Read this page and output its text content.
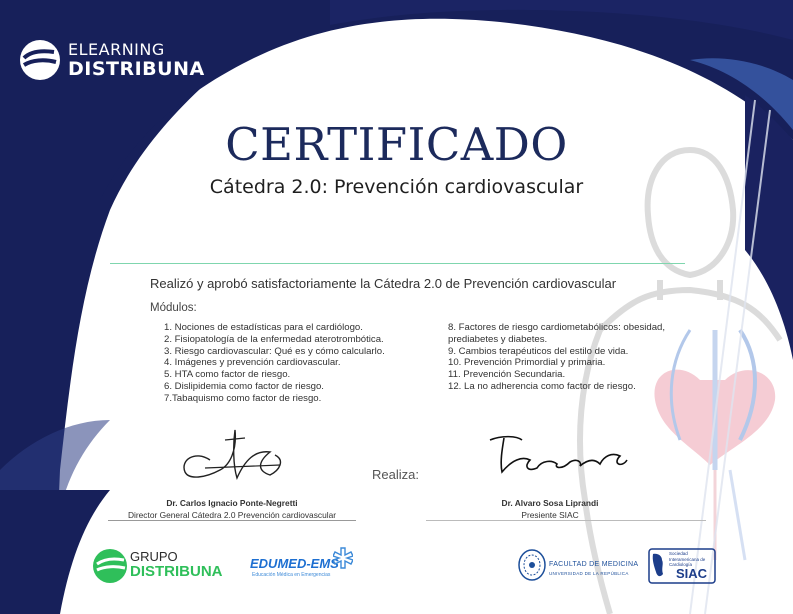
ELEARNING
DISTRIBUNA
CERTIFICADO
Cátedra 2.0: Prevención cardiovascular
Realizó y aprobó satisfactoriamente la Cátedra 2.0 de Prevención cardiovascular
Módulos:
1. Nociones de estadísticas para el cardiólogo.
2. Fisiopatología de la enfermedad aterotrombótica.
3. Riesgo cardiovascular: Qué es y cómo calcularlo.
4. Imágenes y prevención cardiovascular.
5. HTA como factor de riesgo.
6. Dislipidemia como factor de riesgo.
7.Tabaquismo como factor de riesgo.
8. Factores de riesgo cardiometabólicos: obesidad, prediabetes y diabetes.
9. Cambios terapéuticos del estilo de vida.
10. Prevención Primordial y primaria.
11. Prevención Secundaria.
12. La no adherencia como factor de riesgo.
Realiza:
Dr. Carlos Ignacio Ponte-Negretti
Director General Cátedra 2.0 Prevención cardiovascular
Dr. Alvaro Sosa Liprandi
Presiente SIAC
GRUPO
DISTRIBUNA EDUMED-EMS
Educación Médica en Emergencias
FACULTAD DE MEDICINA
UNIVERSIDAD DE LA REPÚBLICA
Sociedad Interamericana de Cardiología
SIAC
